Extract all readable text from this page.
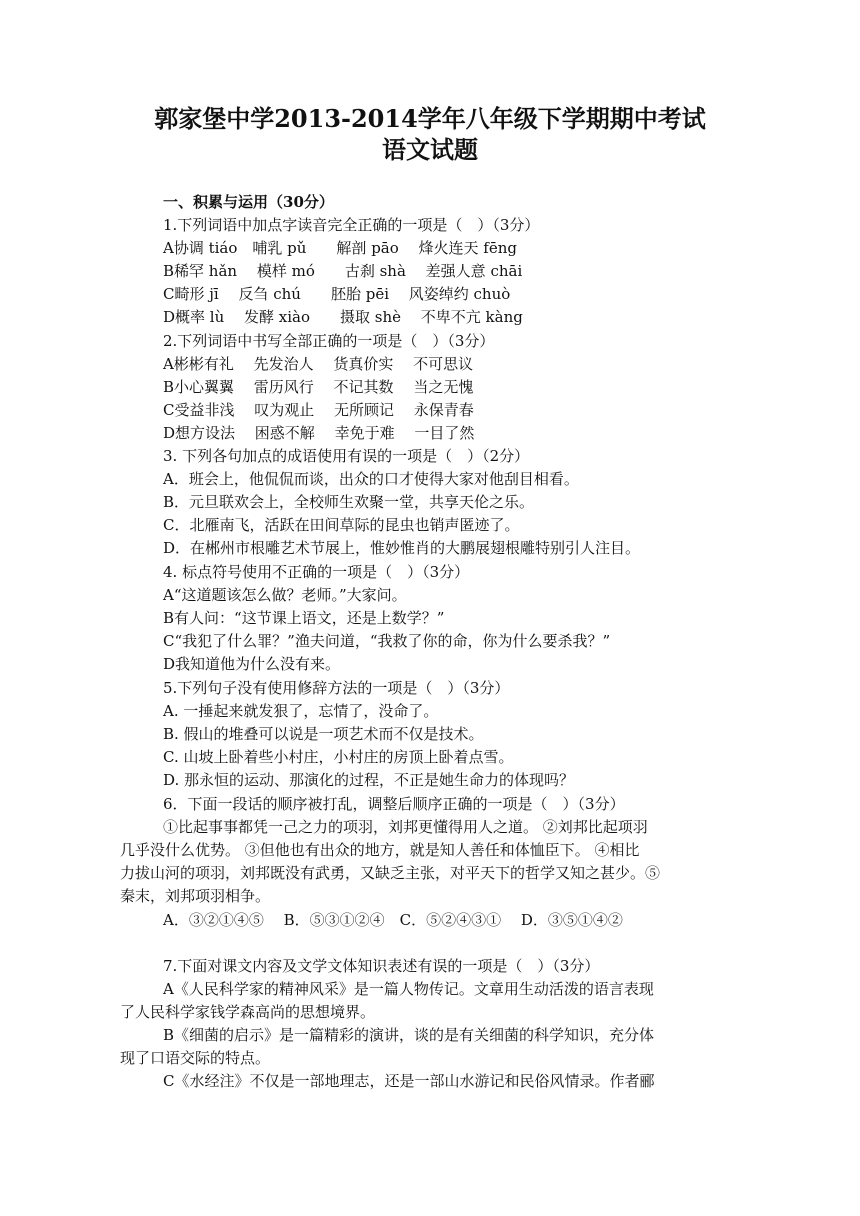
郭家堡中学2013-2014学年八年级下学期期中考试
语文试题
一、积累与运用（30分）
1.下列词语中加点字读音完全正确的一项是（　）（3分）
A协调 tiáo　哺乳 pǔ　　解剖 pāo　 烽火连天 fēng
B稀罕 hǎn　 模样 mó　　古刹 shà　 差强人意 chāi
C畸形 jī　 反刍 chú　　胚胎 pēi　 风姿绰约 chuò
D概率 lù　 发酵 xiào　　摄取 shè　 不卑不亢 kàng
2.下列词语中书写全部正确的一项是（　）（3分）
A彬彬有礼　 先发治人　 货真价实　 不可思议
B小心翼翼　 雷历风行　 不记其数　 当之无愧
C受益非浅　 叹为观止　 无所顾记　 永保青春
D想方设法　 困惑不解　 幸免于难　 一目了然
3. 下列各句加点的成语使用有误的一项是（　）（2分）
A．班会上，他侃侃而谈，出众的口才使得大家对他刮目相看。
B．元旦联欢会上，全校师生欢聚一堂，共享天伦之乐。
C．北雁南飞，活跃在田间草际的昆虫也销声匿迹了。
D．在郴州市根雕艺术节展上，惟妙惟肖的大鹏展翅根雕特别引人注目。
4. 标点符号使用不正确的一项是（　）（3分）
A“这道题该怎么做？老师。”大家问。
B有人问：“这节课上语文，还是上数学？”
C“我犯了什么罪？”渔夫问道，“我救了你的命，你为什么要杀我？”
D我知道他为什么没有来。
5.下列句子没有使用修辞方法的一项是（　）（3分）
A. 一捶起来就发狠了，忘情了，没命了。
B. 假山的堆叠可以说是一项艺术而不仅是技术。
C. 山坡上卧着些小村庄，小村庄的房顶上卧着点雪。
D. 那永恒的运动、那演化的过程，不正是她生命力的体现吗？
6．下面一段话的顺序被打乱，调整后顺序正确的一项是（　）（3分）
①比起事事都凭一己之力的项羽，刘邦更懂得用人之道。 ②刘邦比起项羽
几乎没什么优势。 ③但他也有出众的地方，就是知人善任和体恤臣下。 ④相比
力拔山河的项羽，刘邦既没有武勇，又缺乏主张，对平天下的哲学又知之甚少。⑤
秦末，刘邦项羽相争。
A．③②①④⑤　 B．⑤③①②④　C．⑤②④③①　 D．③⑤①④②
7.下面对课文内容及文学文体知识表述有误的一项是（　）（3分）
A《人民科学家的精神风采》是一篇人物传记。文章用生动活泼的语言表现
了人民科学家钱学森高尚的思想境界。
B《细菌的启示》是一篇精彩的演讲，谈的是有关细菌的科学知识，充分体
现了口语交际的特点。
C《水经注》不仅是一部地理志，还是一部山水游记和民俗风情录。作者郦
